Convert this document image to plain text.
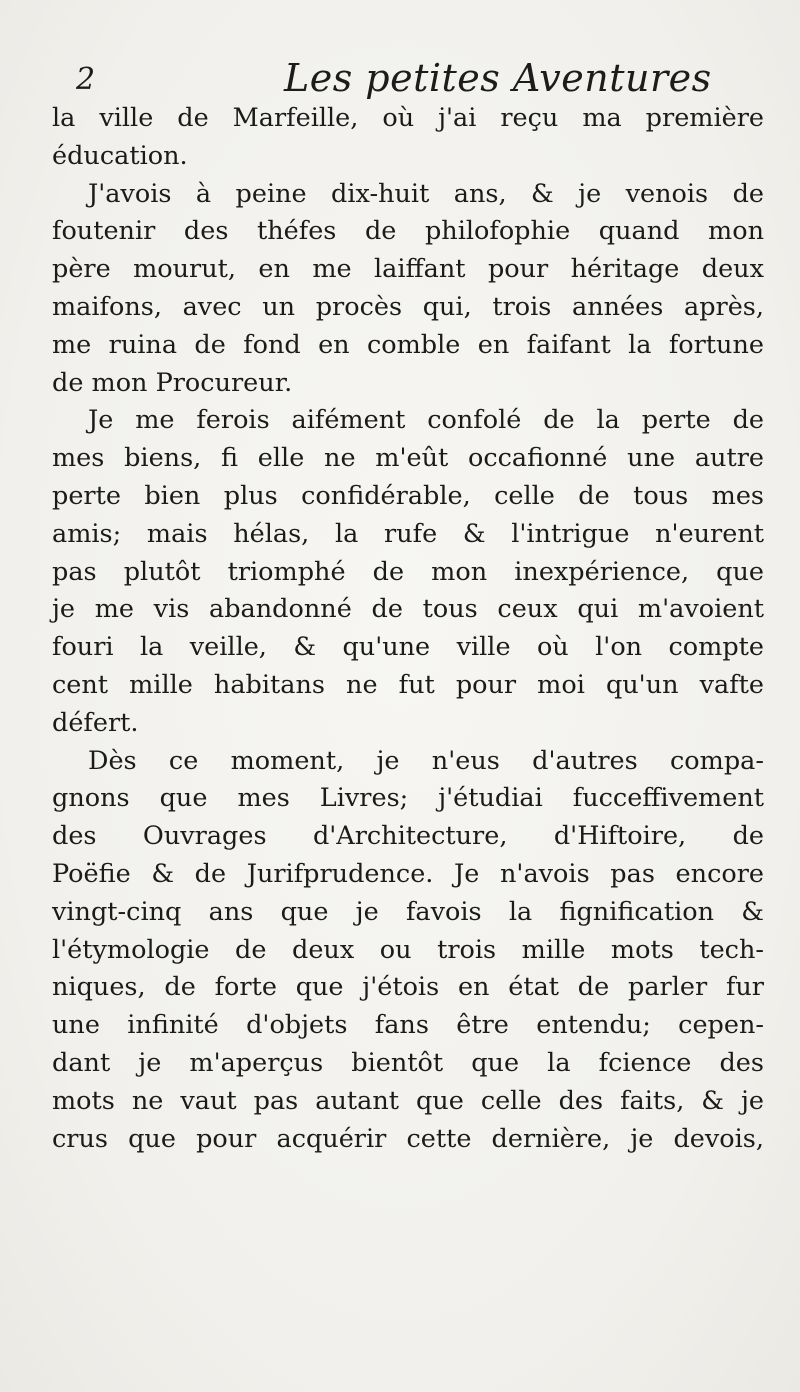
2	Les petites Aventures

la ville de Marfeille, où j'ai reçu ma première
éducation.

J'avois à peine dix-huit ans, & je venois de
foutenir des théfes de philofophie quand mon
père mourut, en me laiffant pour héritage deux
maifons, avec un procès qui, trois années après,
me ruina de fond en comble en faifant la fortune
de mon Procureur.

Je me ferois aifément confolé de la perte de
mes biens, fi elle ne m'eût occafionné une autre
perte bien plus confidérable, celle de tous mes
amis; mais hélas, la rufe & l'intrigue n'eurent
pas plutôt triomphé de mon inexpérience, que
je me vis abandonné de tous ceux qui m'avoient
fouri la veille, & qu'une ville où l'on compte
cent mille habitans ne fut pour moi qu'un vafte
défert.

Dès ce moment, je n'eus d'autres compa-
gnons que mes Livres; j'étudiai fucceffivement
des Ouvrages d'Architecture, d'Hiftoire, de
Poëfie & de Jurifprudence. Je n'avois pas encore
vingt-cinq ans que je favois la fignification &
l'étymologie de deux ou trois mille mots tech-
niques, de forte que j'étois en état de parler fur
une infinité d'objets fans être entendu; cepen-
dant je m'aperçus bientôt que la fcience des
mots ne vaut pas autant que celle des faits, & je
crus que pour acquérir cette dernière, je devois,
